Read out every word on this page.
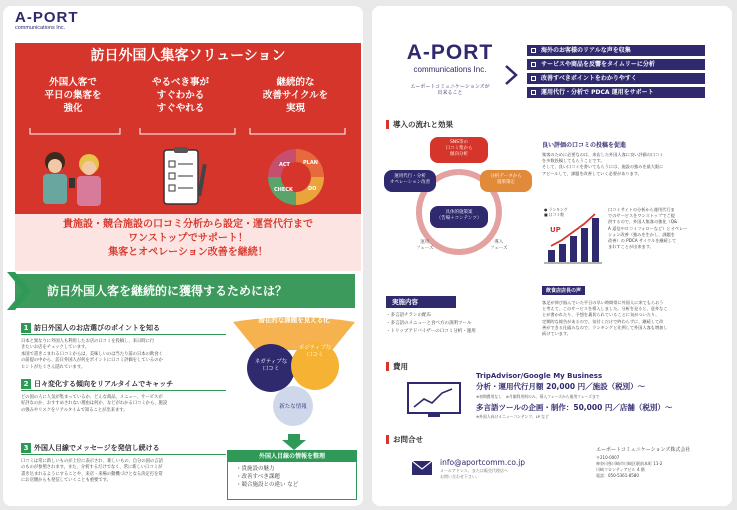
A-PORT
communications Inc.
訪日外国人集客ソリューション
外国人客で
平日の集客を
強化
やるべき事が
すぐわかる
すぐやれる
継続的な
改善サイクルを
実現
ACT	PLAN
DO
CHECK
貴施設・競合施設の口コミ分析から設定・運営代行まで
ワンストップでサポート！
集客とオペレーション改善を継続！
訪日外国人客を継続的に獲得するためには？
1 訪日外国人のお店選びのポイントを知る
日本と異なりに外国人も利用したお店の口コミを投稿し、来日時に行
きたいお店をチェックしています。
本国で書きこまれる口コミからは、美味しいのは当たり前の日本の飲食く
の前提の中から、訪日外国人が何をポイントに口コミ評価をしているのか
ヒントがたくさん隠れています。
2 日々変化する傾向をリアルタイムでキャッチ
どの国の人に人気が集まっているか、どんな商品、メニュー、サービスが
好評なのか、おすすめされない理由は何か、などがわかる口コミから、施設
の強みやリスクをリアルタイムで知ることが出来ます。
3 外国人目線でメッセージを発信し続ける
口コミは常に新しいものが上位に表示され、新しいもの、自分の国の言語
のものが参照されます。また、分析するだけでなく、常に新しい口コミが
書き込まれるようにすることや、来店・来場の動機づけとなる決定打を常
にお店側からも発信していくことも重要です。
潜在的な課題を見える化
ネガティブな
口コミ
ポジティブな
口コミ
新たな情報
外国人目線の情報を整理
・貴施設の魅力
・改善すべき課題
・競合施設との違い など
A-PORT
communications Inc.
エーポートコミュニケーションズが
出来ること
海外のお客様のリアルな声を収集
サービスや商品を反響をタイムリーに分析
改善すべきポイントをわかりやすく
運用代行・分析で PDCA 運用をサポート
導入の流れと効果
SNS等の
口コミ集から
傾向分析
分析データから
施策策定
具体的施策案
（告場＋コンテンツ）
運用代行・分析
オペレーション改善
運用
フェーズ
導入
フェーズ
良い評価の口コミの投稿を促進
集客のために必要なのは、来店した外国人客に良い評価の口コミ
を多数投稿してもらうことです。
そして、良い口コミを書いてもらうには、施設の強みを最大限に
アピールして、課題を改善していく必要があります。
● ランキング
■ 口コミ数
UP
口コミサイトの分析から運用代行ま
でのサービスをワンストップでご提
供するので、外国人集客の強化（Q&
A 返信やロコミフォローなど）とオペレー
ション改善（強みを生かし、課題を
改善）の PDCA サイクルを継続して
まわすことが出来ます。
飲食店店長の声
客足が伸び悩んでいた平日の早い時間帯に外国人に来てもらおう
と考えて、このサービスを導入しました。分析を見ると、意外なこ
とが書かれたり、予想を裏切られていることに気がついたり、
定期的な報告があるので、気付くだけで終わらずに、継続して改
善ができる仕組みなので、ランキングと比例して外国人客も増加し
続けています。
実施内容
・多言語チラシの配布
・多言語のメニューと食べ方の説明ツール
・トリップアドバイザーの口コミ分析・運用
費用
TripAdvisor/Google My Business
分析・運用代行月額 20,000 円／施設（税別）～
※初期費用なし　※月額利用料のみ、導入フェーズから運用フェーズまで
多言語ツールの企画・制作：50,000 円／店舗（税別）～
※外国人向けメニューコンテンツ、LP など
お問合せ
info@aportcomm.co.jp
メールアドレス、または販売代理店へ
お問い合わせ下さい。
エーポートコミュニケーションズ株式会社
〒210-0007
神奈川県川崎市川崎区駅前本町 11-2
川崎フロンティアビル 4 階
電話：050-5361-8580
